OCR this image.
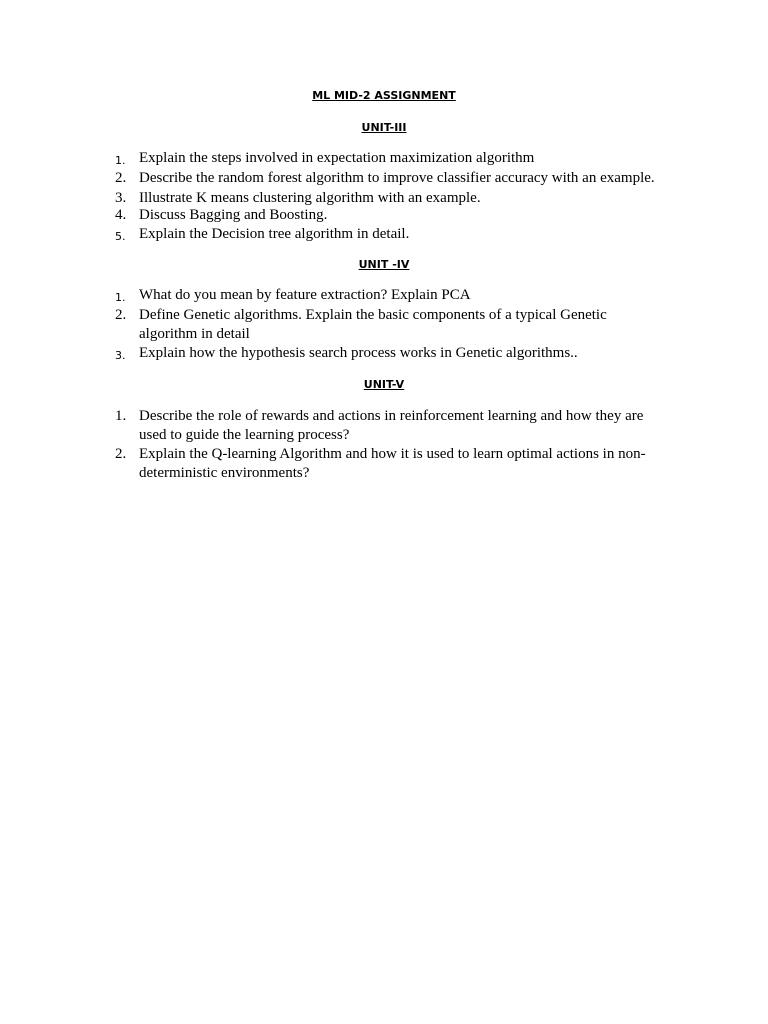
ML MID-2 ASSIGNMENT
UNIT-III
1. Explain the steps involved in expectation maximization algorithm
2. Describe the random forest algorithm to improve classifier accuracy with an example.
3. Illustrate K means clustering algorithm with an example.
4. Discuss Bagging and Boosting.
5. Explain the Decision tree algorithm in detail.
UNIT -IV
1. What do you mean by feature extraction? Explain PCA
2. Define Genetic algorithms. Explain the basic components of a typical Genetic algorithm in detail
3. Explain how the hypothesis search process works in Genetic algorithms..
UNIT-V
1. Describe the role of rewards and actions in reinforcement learning and how they are used to guide the learning process?
2. Explain the Q-learning Algorithm and how it is used to learn optimal actions in non-deterministic environments?
